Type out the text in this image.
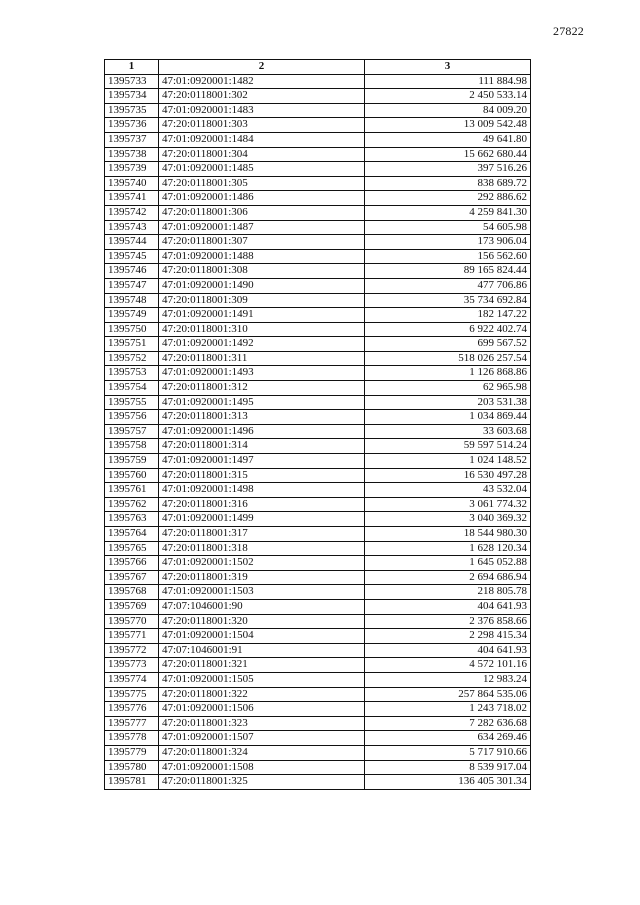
27822
1	2	3
1395733	47:01:0920001:1482	111 884.98
1395734	47:20:0118001:302	2 450 533.14
1395735	47:01:0920001:1483	84 009.20
1395736	47:20:0118001:303	13 009 542.48
1395737	47:01:0920001:1484	49 641.80
1395738	47:20:0118001:304	15 662 680.44
1395739	47:01:0920001:1485	397 516.26
1395740	47:20:0118001:305	838 689.72
1395741	47:01:0920001:1486	292 886.62
1395742	47:20:0118001:306	4 259 841.30
1395743	47:01:0920001:1487	54 605.98
1395744	47:20:0118001:307	173 906.04
1395745	47:01:0920001:1488	156 562.60
1395746	47:20:0118001:308	89 165 824.44
1395747	47:01:0920001:1490	477 706.86
1395748	47:20:0118001:309	35 734 692.84
1395749	47:01:0920001:1491	182 147.22
1395750	47:20:0118001:310	6 922 402.74
1395751	47:01:0920001:1492	699 567.52
1395752	47:20:0118001:311	518 026 257.54
1395753	47:01:0920001:1493	1 126 868.86
1395754	47:20:0118001:312	62 965.98
1395755	47:01:0920001:1495	203 531.38
1395756	47:20:0118001:313	1 034 869.44
1395757	47:01:0920001:1496	33 603.68
1395758	47:20:0118001:314	59 597 514.24
1395759	47:01:0920001:1497	1 024 148.52
1395760	47:20:0118001:315	16 530 497.28
1395761	47:01:0920001:1498	43 532.04
1395762	47:20:0118001:316	3 061 774.32
1395763	47:01:0920001:1499	3 040 369.32
1395764	47:20:0118001:317	18 544 980.30
1395765	47:20:0118001:318	1 628 120.34
1395766	47:01:0920001:1502	1 645 052.88
1395767	47:20:0118001:319	2 694 686.94
1395768	47:01:0920001:1503	218 805.78
1395769	47:07:1046001:90	404 641.93
1395770	47:20:0118001:320	2 376 858.66
1395771	47:01:0920001:1504	2 298 415.34
1395772	47:07:1046001:91	404 641.93
1395773	47:20:0118001:321	4 572 101.16
1395774	47:01:0920001:1505	12 983.24
1395775	47:20:0118001:322	257 864 535.06
1395776	47:01:0920001:1506	1 243 718.02
1395777	47:20:0118001:323	7 282 636.68
1395778	47:01:0920001:1507	634 269.46
1395779	47:20:0118001:324	5 717 910.66
1395780	47:01:0920001:1508	8 539 917.04
1395781	47:20:0118001:325	136 405 301.34
